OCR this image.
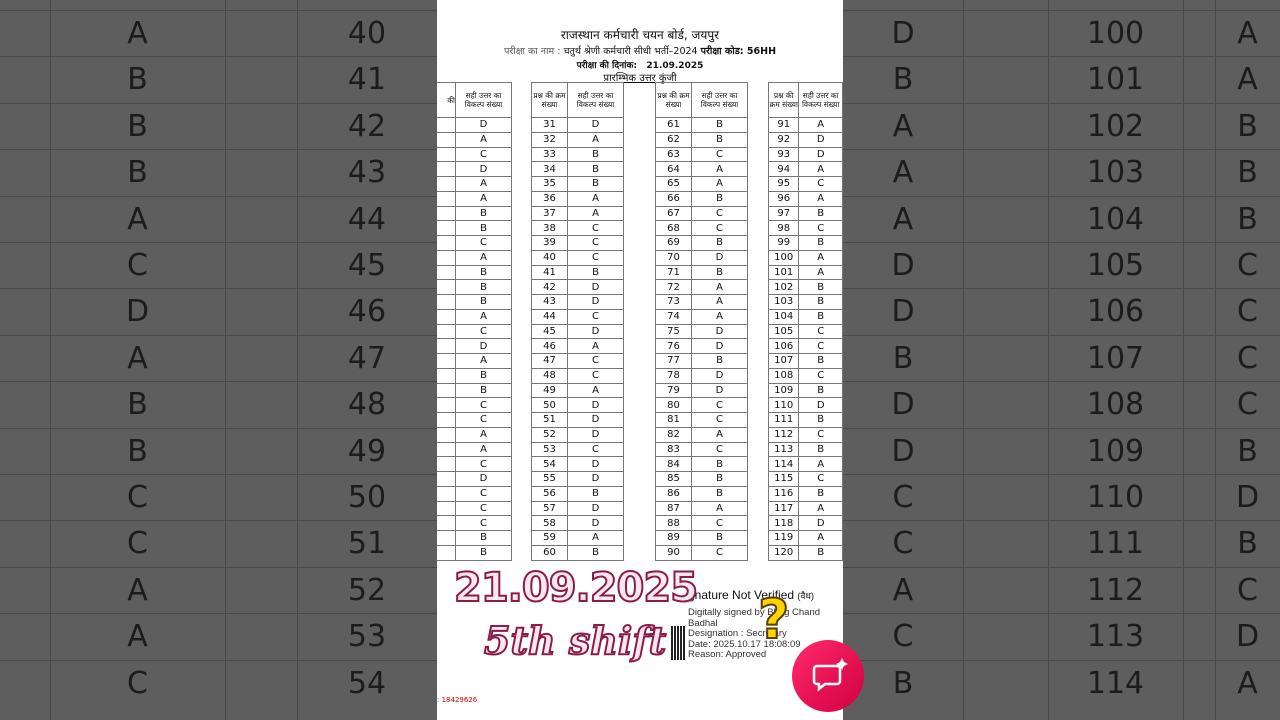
A	40
B	41
B	42
B	43
A	44
C	45
D	46
A	47
B	48
B	49
C	50
C	51
A	52
A	53
C	54
D	100	A
B	101	A
A	102	B
A	103	B
A	104	B
D	105	C
D	106	C
B	107	C
D	108	C
D	109	B
C	110	D
C	111	B
A	112	C
C	113	D
B	114	A
राजस्थान कर्मचारी चयन बोर्ड, जयपुर
परीक्षा का नाम : चतुर्थ श्रेणी कर्मचारी सीधी भर्ती–2024 परीक्षा कोड: 56HH
परीक्षा की दिनांक: 21.09.2025
प्रारम्भिक उत्तर कुंजी
की	सही उत्तर का विकल्प संख्या
	D
	A
	C
	D
	A
	A
	B
	B
	C
	A
	B
	B
	B
	A
	C
	D
	A
	B
	B
	C
	C
	A
	A
	C
	D
	C
	C
	C
	B
	B
प्रश्न की क्रम संख्या	सही उत्तर का विकल्प संख्या
31	D
32	A
33	B
34	B
35	B
36	A
37	A
38	C
39	C
40	C
41	B
42	D
43	D
44	C
45	D
46	A
47	C
48	C
49	A
50	D
51	D
52	D
53	C
54	D
55	D
56	B
57	D
58	D
59	A
60	B
प्रश्न की क्रम संख्या	सही उत्तर का विकल्प संख्या
61	B
62	B
63	C
64	A
65	A
66	B
67	C
68	C
69	B
70	D
71	B
72	A
73	A
74	A
75	D
76	D
77	B
78	D
79	D
80	C
81	C
82	A
83	C
84	B
85	B
86	B
87	A
88	C
89	B
90	C
प्रश्न की क्रम संख्या	सही उत्तर का विकल्प संख्या
91	A
92	D
93	D
94	A
95	C
96	A
97	B
98	C
99	B
100	A
101	A
102	B
103	B
104	B
105	C
106	C
107	B
108	C
109	B
110	D
111	B
112	C
113	B
114	A
115	C
116	B
117	A
118	D
119	A
120	B
: 18429626
gnature Not Verified (वैध)
Digitally signed by Bhag Chand Badhal
Designation : Secretary
Date: 2025.10.17 18:08:09
Reason: Approved
?
21.09.2025
5th shift
